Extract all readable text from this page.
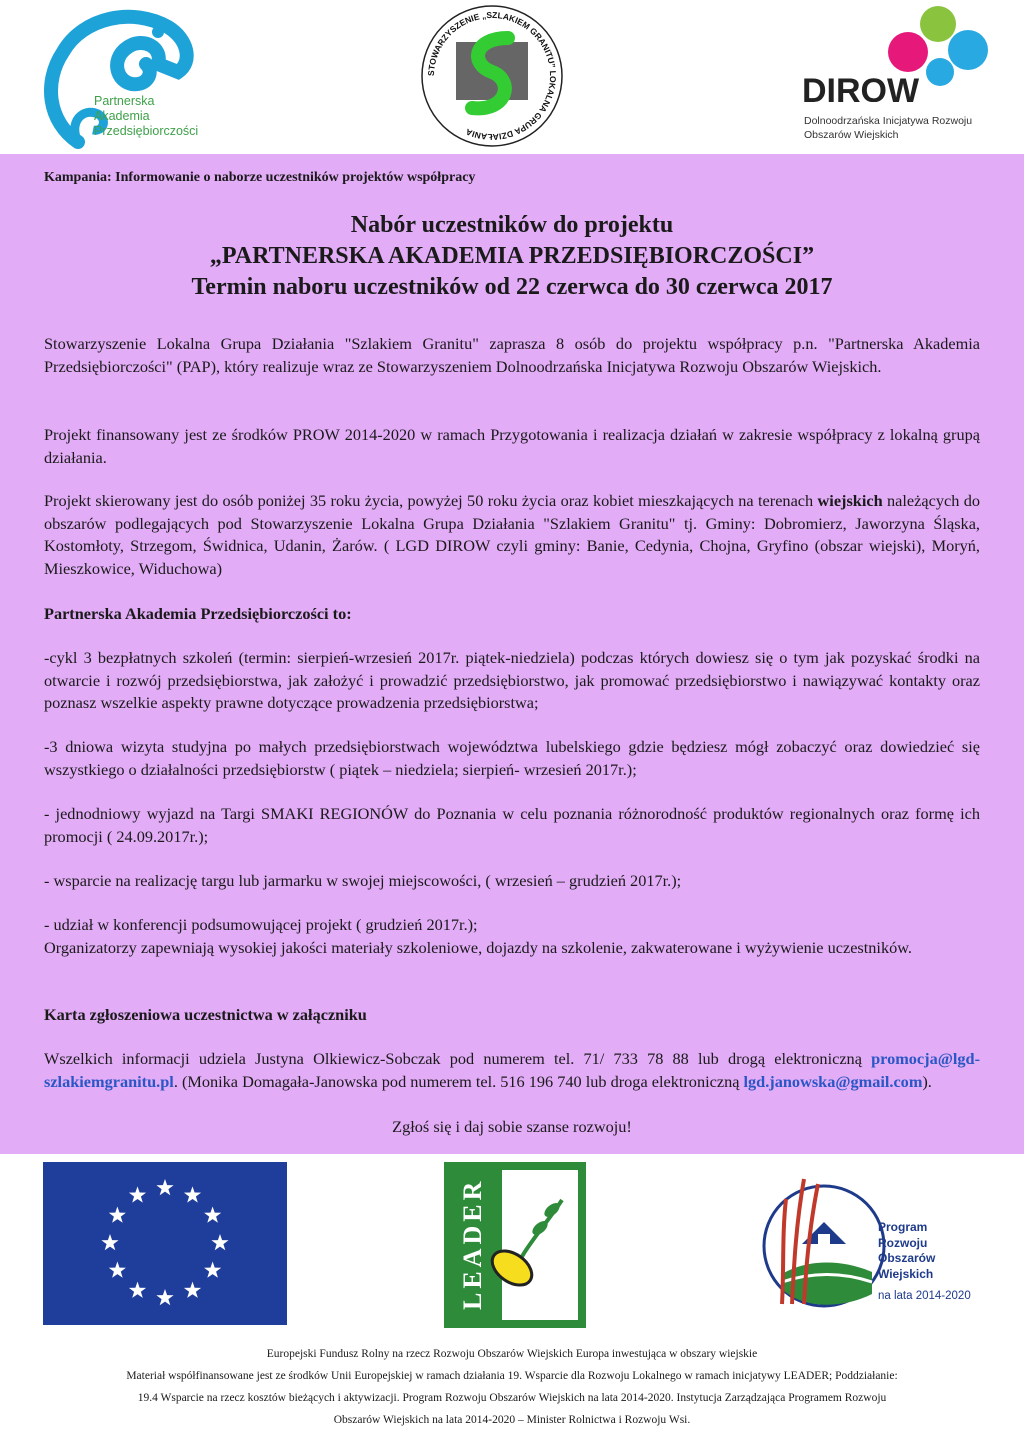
Partnerska
Akademia
Przedsiębiorczości
STOWARZYSZENIE „SZLAKIEM GRANITU” LOKALNA GRUPA DZIAŁANIA
DIROW
Dolnoodrzańska Inicjatywa Rozwoju
Obszarów Wiejskich
Kampania: Informowanie o naborze uczestników projektów współpracy
Nabór uczestników do projektu
„PARTNERSKA AKADEMIA PRZEDSIĘBIORCZOŚCI”
Termin naboru uczestników od 22 czerwca do 30 czerwca 2017
Stowarzyszenie Lokalna Grupa Działania "Szlakiem Granitu" zaprasza 8 osób do projektu współpracy p.n. "Partnerska Akademia Przedsiębiorczości" (PAP), który realizuje wraz ze Stowarzyszeniem Dolnoodrzańska Inicjatywa Rozwoju Obszarów Wiejskich.
Projekt finansowany jest ze środków PROW 2014-2020 w ramach Przygotowania i realizacja działań w zakresie współpracy z lokalną grupą działania.
Projekt skierowany jest do osób poniżej 35 roku życia, powyżej 50 roku życia oraz kobiet mieszkających na terenach wiejskich należących do obszarów podlegających pod Stowarzyszenie Lokalna Grupa Działania "Szlakiem Granitu" tj. Gminy: Dobromierz, Jaworzyna Śląska, Kostomłoty, Strzegom, Świdnica, Udanin, Żarów. ( LGD DIROW czyli gminy: Banie, Cedynia, Chojna, Gryfino (obszar wiejski), Moryń, Mieszkowice, Widuchowa)
Partnerska Akademia Przedsiębiorczości to:
-cykl 3 bezpłatnych szkoleń (termin: sierpień-wrzesień 2017r. piątek-niedziela) podczas których dowiesz się o tym jak pozyskać środki na otwarcie i rozwój przedsiębiorstwa, jak założyć i prowadzić przedsiębiorstwo, jak promować przedsiębiorstwo i nawiązywać kontakty oraz poznasz wszelkie aspekty prawne dotyczące prowadzenia przedsiębiorstwa;
-3 dniowa wizyta studyjna po małych przedsiębiorstwach województwa lubelskiego gdzie będziesz mógł zobaczyć oraz dowiedzieć się wszystkiego o działalności przedsiębiorstw ( piątek – niedziela; sierpień- wrzesień 2017r.);
- jednodniowy wyjazd na Targi SMAKI REGIONÓW do Poznania w celu poznania różnorodność produktów regionalnych oraz formę ich promocji ( 24.09.2017r.);
- wsparcie na realizację targu lub jarmarku w swojej miejscowości, ( wrzesień – grudzień 2017r.);
- udział w konferencji podsumowującej projekt ( grudzień 2017r.);
Organizatorzy zapewniają wysokiej jakości materiały szkoleniowe, dojazdy na szkolenie, zakwaterowane i wyżywienie uczestników.
Karta zgłoszeniowa uczestnictwa w załączniku
Wszelkich informacji udziela Justyna Olkiewicz-Sobczak pod numerem tel. 71/ 733 78 88 lub drogą elektroniczną promocja@lgd-szlakiemgranitu.pl. (Monika Domagała-Janowska pod numerem tel. 516 196 740 lub droga elektroniczną lgd.janowska@gmail.com).
Zgłoś się i daj sobie szanse rozwoju!
Program
Rozwoju
Obszarów
Wiejskich
na lata 2014-2020
Europejski Fundusz Rolny na rzecz Rozwoju Obszarów Wiejskich Europa inwestująca w obszary wiejskie
Materiał współfinansowane jest ze środków Unii Europejskiej w ramach działania 19. Wsparcie dla Rozwoju Lokalnego w ramach inicjatywy LEADER; Poddziałanie:
19.4 Wsparcie na rzecz kosztów bieżących i aktywizacji. Program Rozwoju Obszarów Wiejskich na lata 2014-2020. Instytucja Zarządzająca Programem Rozwoju
Obszarów Wiejskich na lata 2014-2020 – Minister Rolnictwa i Rozwoju Wsi.
